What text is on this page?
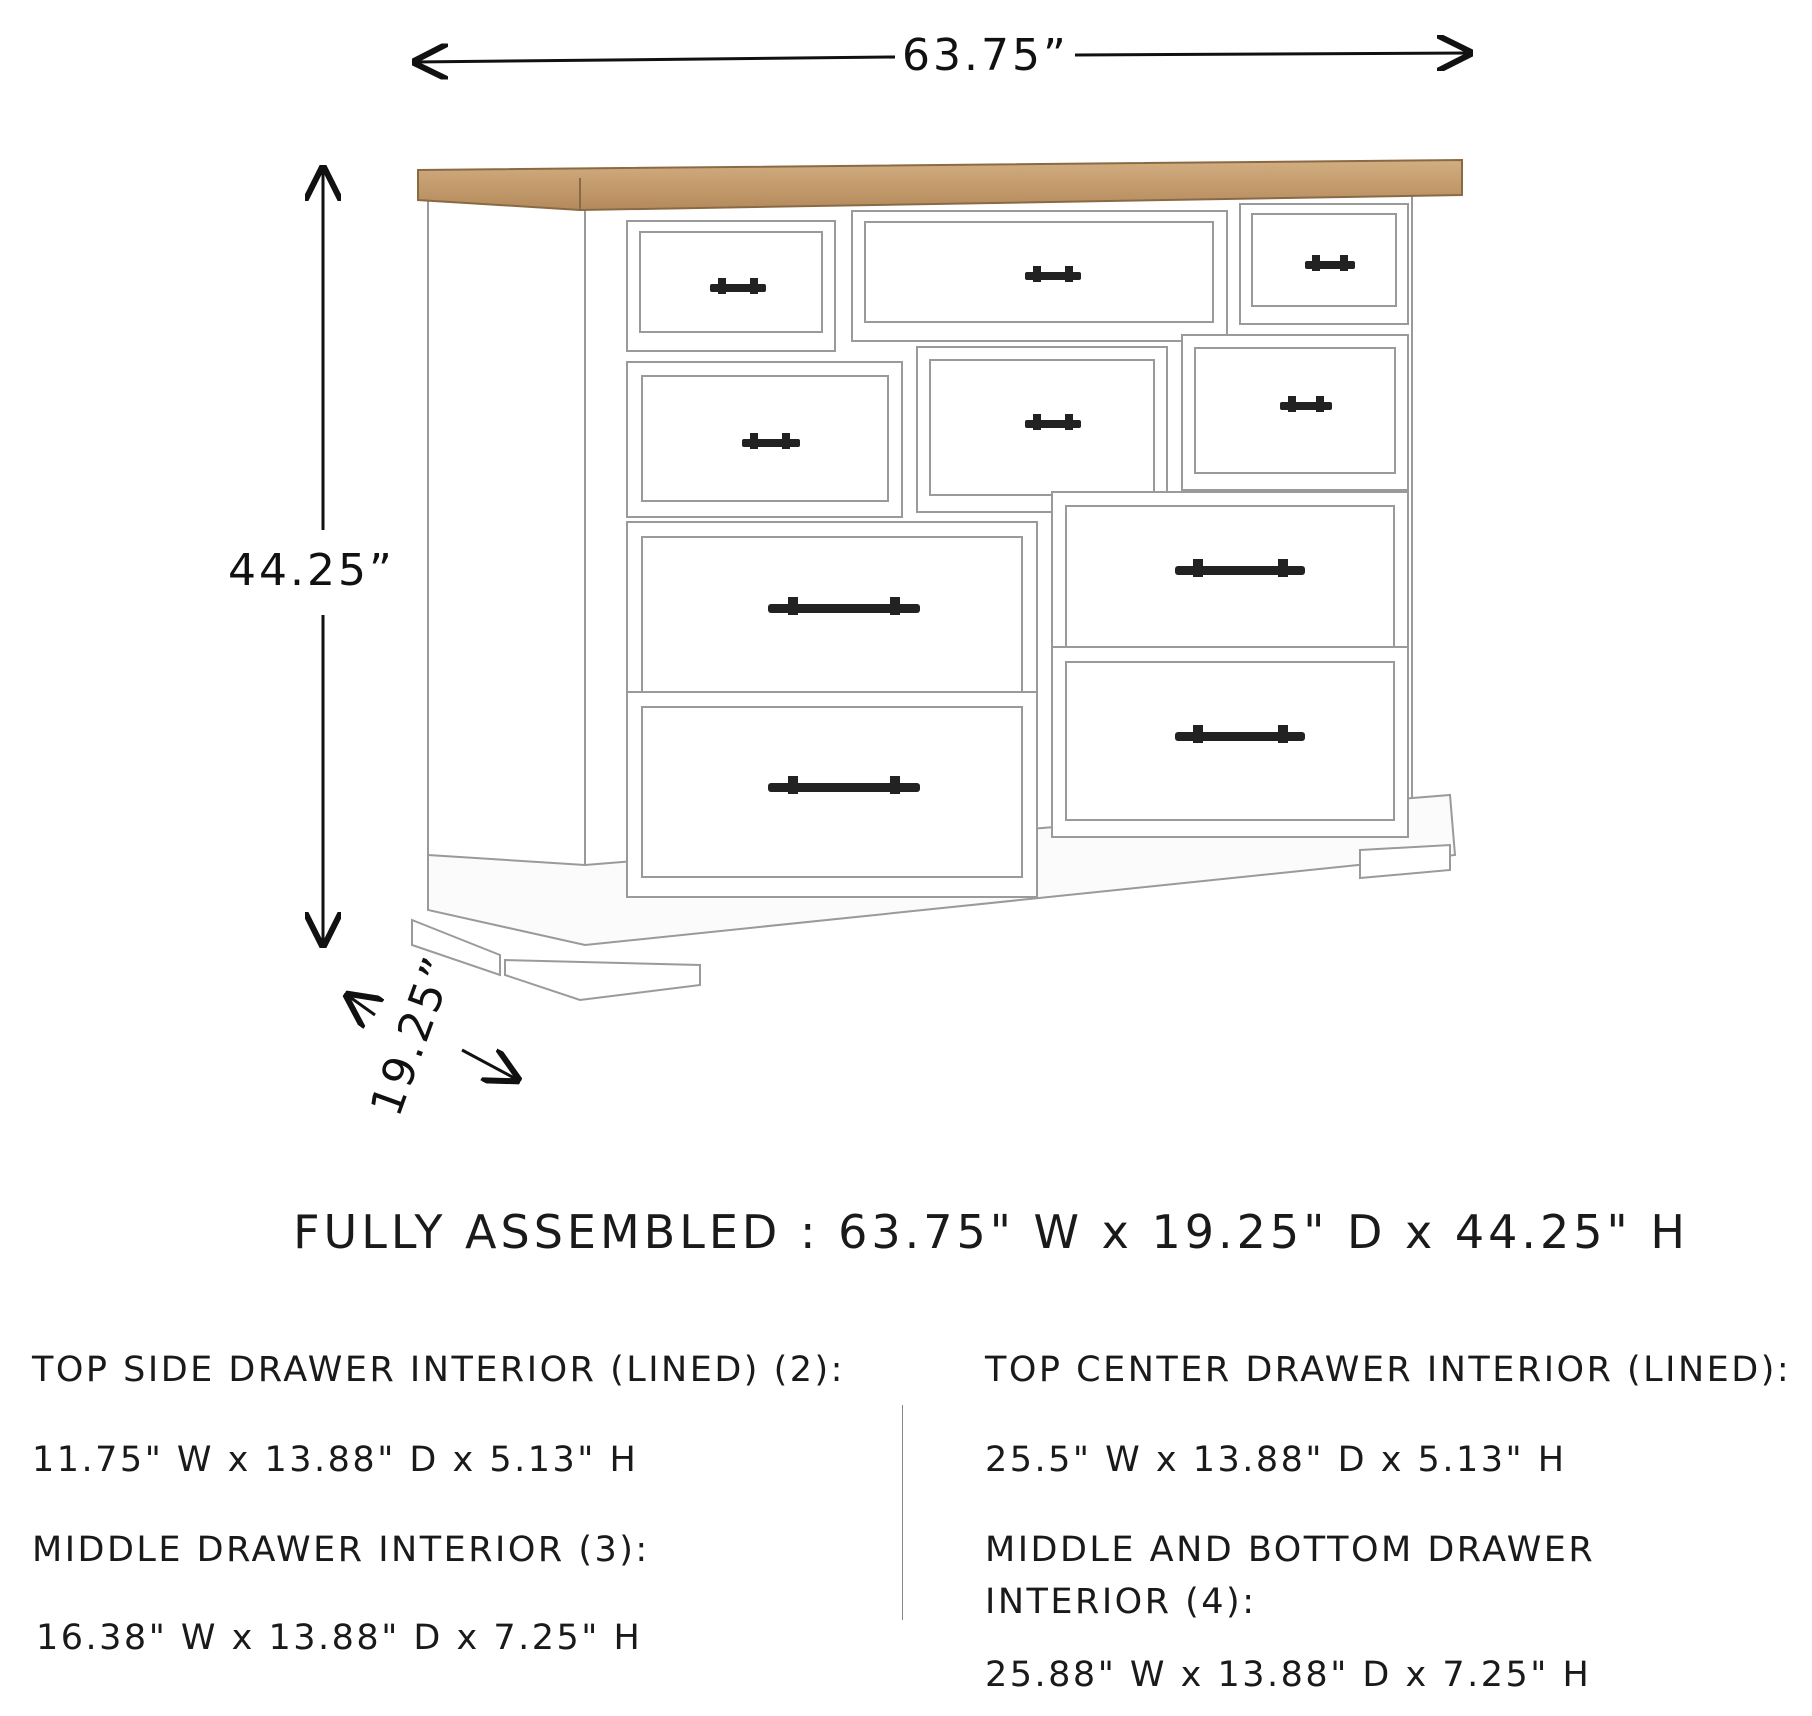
63.75”
44.25”
19.25”
FULLY ASSEMBLED : 63.75" W x 19.25" D x 44.25" H
TOP SIDE DRAWER INTERIOR (LINED) (2):
11.75" W x 13.88" D x 5.13" H
MIDDLE DRAWER INTERIOR (3):
16.38" W x 13.88" D x 7.25" H
TOP CENTER DRAWER INTERIOR (LINED):
25.5" W x 13.88" D x 5.13" H
MIDDLE AND BOTTOM DRAWER
INTERIOR (4):
25.88" W x 13.88" D x 7.25" H
